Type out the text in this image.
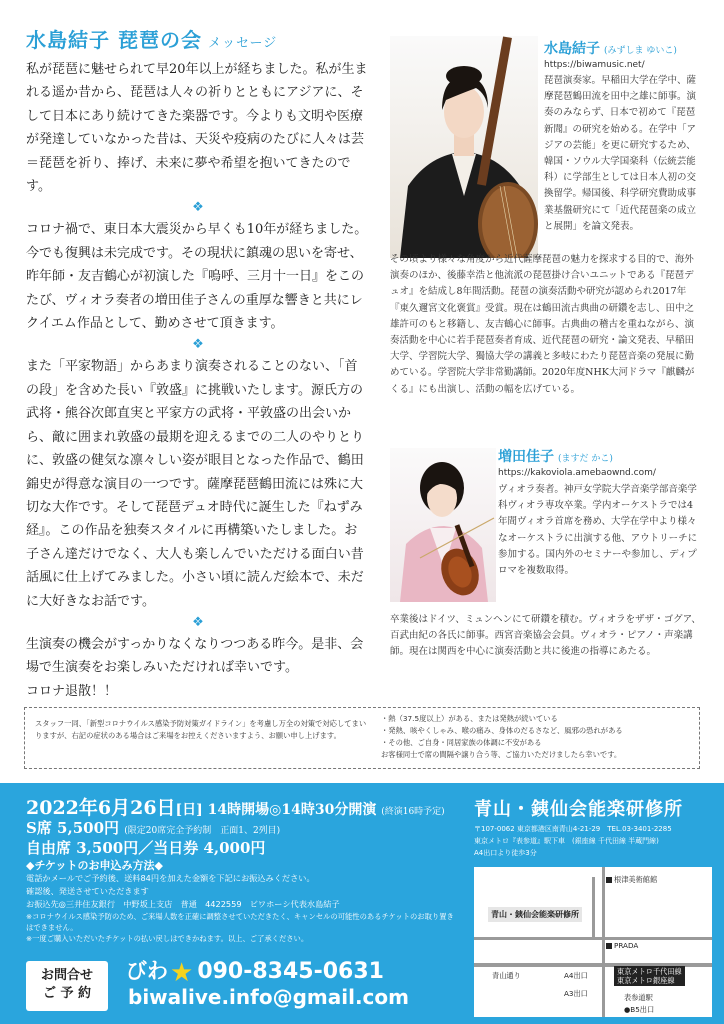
水島結子 琵琶の会 メッセージ

私が琵琶に魅せられて早20年以上が経ちました。私が生まれる遥か昔から、琵琶は人々の祈りとともにアジアに、そして日本にあり続けてきた楽器です。今よりも文明や医療が発達していなかった昔は、天災や疫病のたびに人々は芸＝琵琶を祈り、捧げ、未来に夢や希望を抱いてきたのです。

❖

コロナ禍で、東日本大震災から早くも10年が経ちました。今でも復興は未完成です。その現状に鎮魂の思いを寄せ、昨年師・友吉鶴心が初演した『嗚呼、三月十一日』をこのたび、ヴィオラ奏者の増田佳子さんの重厚な響きと共にレクイエム作品として、勤めさせて頂きます。

❖

また「平家物語」からあまり演奏されることのない、「首の段」を含めた長い『敦盛』に挑戦いたします。源氏方の武将・熊谷次郎直実と平家方の武将・平敦盛の出会いから、敵に囲まれ敦盛の最期を迎えるまでの二人のやりとりに、敦盛の健気な凛々しい姿が眼目となった作品で、鶴田錦史が得意な演目の一つです。薩摩琵琶鶴田流には殊に大切な大作です。そして琵琶デュオ時代に誕生した『ねずみ経』。この作品を独奏スタイルに再構築いたしました。お子さん達だけでなく、大人も楽しんでいただける面白い昔話風に仕上げてみました。小さい頃に読んだ絵本で、未だに大好きなお話です。

❖

生演奏の機会がすっかりなくなりつつある昨今。是非、会場で生演奏をお楽しみいただければ幸いです。

コロナ退散！！

水島結子 (みずしま ゆいこ)
https://biwamusic.net/
琵琶演奏家。早稲田大学在学中、薩摩琵琶鶴田流を田中之雄に師事。演奏のみならず、日本で初めて『琵琶新聞』の研究を始める。在学中「アジアの芸能」を更に研究するため、韓国・ソウル大学国楽科（伝統芸能科）に学部生としては日本人初の交換留学。帰国後、科学研究費助成事業基盤研究にて「近代琵琶楽の成立と展開」を論文発表。
その頃より様々な角度から近代薩摩琵琶の魅力を探求する目的で、海外演奏のほか、後藤幸浩と他流派の琵琶掛け合いユニットである『琵琶デュオ』を結成し8年間活動。琵琶の演奏活動や研究が認められ2017年『東久邇宮文化褒賞』受賞。現在は鶴田流古典曲の研鑽を志し、田中之雄許可のもと移籍し、友吉鶴心に師事。古典曲の稽古を重ねながら、演奏活動を中心に若手琵琶奏者育成、近代琵琶の研究・論文発表、早稲田大学、学習院大学、獨協大学の講義と多岐にわたり琵琶音楽の発展に勤めている。学習院大学非常勤講師。2020年度NHK大河ドラマ『麒麟がくる』にも出演し、活動の幅を広げている。
増田佳子 (ますだ かこ)
https://kakoviola.amebaownd.com/
ヴィオラ奏者。神戸女学院大学音楽学部音楽学科ヴィオラ専攻卒業。学内オーケストラでは4年間ヴィオラ首席を務め、大学在学中より様々なオーケストラに出演する他、アウトリーチに参加する。国内外のセミナーや参加し、ディプロマを複数取得。
卒業後はドイツ、ミュンヘンにて研鑽を積む。ヴィオラをザザ・ゴグア、百武由紀の各氏に師事。西宮音楽協会会員。ヴィオラ・ピアノ・声楽講師。現在は関西を中心に演奏活動と共に後進の指導にあたる。
スタッフ一同、「新型コロナウイルス感染予防対策ガイドライン」を考慮し万全の対策で対応してまいりますが、右記の症状のある場合はご来場をお控えくださいますよう、お願い申し上げます。
・熱（37.5度以上）がある、または発熱が続いている
・発熱、咳やくしゃみ、喉の痛み、身体のだるさなど、風邪の恐れがある
・その他、ご自身・同居家族の体調に不安がある
お客様同士で席の間隔や譲り合う等、ご協力いただけましたら幸いです。
2022年6月26日[日] 14時開場◎14時30分開演 (終演16時予定)
S席 5,500円 (限定20席完全予約制　正面1、2列目)
自由席 3,500円／当日券 4,000円
◆チケットのお申込み方法◆
電話かメールでご予約後、送料84円を加えた金額を下記にお振込みください。
確認後、発送させていただきます
お振込先◎三井住友銀行　中野坂上支店　普通　4422559　ビワホーシ代表水島結子
※コロナウイルス感染予防のため、ご来場人数を正確に調整させていただきたく、キャンセルの可能性のあるチケットのお取り置きはできません。
※一度ご購入いただいたチケットの払い戻しはできかねます。以上、ご了承ください。
青山・銕仙会能楽研修所
〒107-0062 東京都港区南青山4-21-29　TEL.03-3401-2285
東京メトロ『表参道』駅下車　(銀座線 千代田線 半蔵門線)
A4出口より徒歩3分
根津美術館館
青山・銕仙会能楽研修所
PRADA
青山通り	A4出口
A3出口
東京メトロ千代田線
東京メトロ銀座線
表参道駅
●B5出口
お問合せ
ご 予 約
びわ★ 090-8345-0631
biwalive.info@gmail.com
